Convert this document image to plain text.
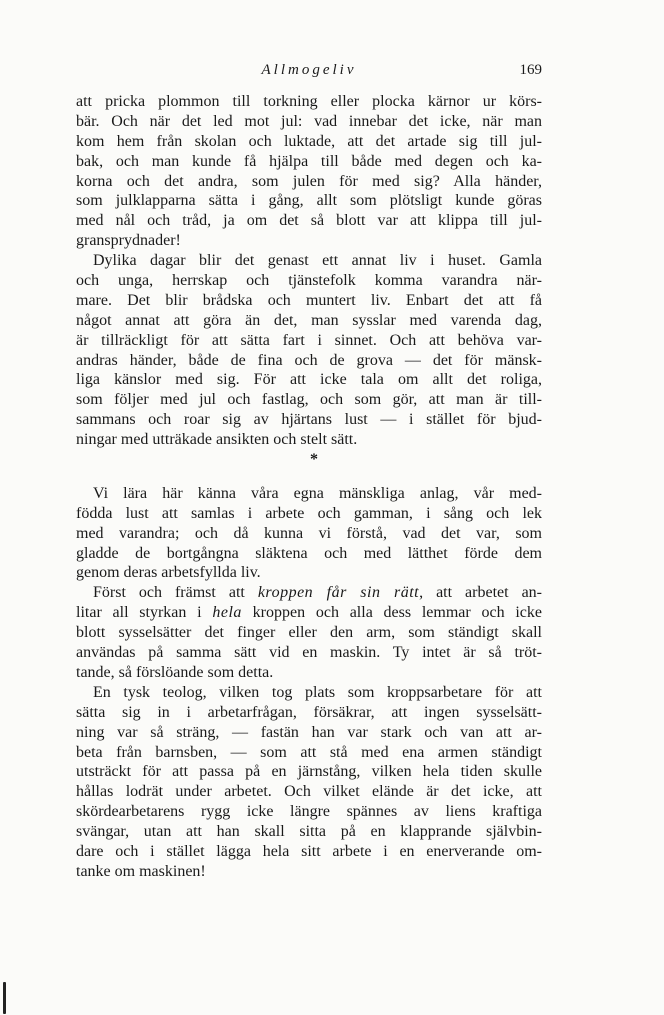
Allmogeliv	169
att pricka plommon till torkning eller plocka kärnor ur körs-
bär. Och när det led mot jul: vad innebar det icke, när man
kom hem från skolan och luktade, att det artade sig till jul-
bak, och man kunde få hjälpa till både med degen och ka-
korna och det andra, som julen för med sig? Alla händer,
som julklapparna sätta i gång, allt som plötsligt kunde göras
med nål och tråd, ja om det så blott var att klippa till jul-
gransprydnader!
Dylika dagar blir det genast ett annat liv i huset. Gamla
och unga, herrskap och tjänstefolk komma varandra när-
mare. Det blir brådska och muntert liv. Enbart det att få
något annat att göra än det, man sysslar med varenda dag,
är tillräckligt för att sätta fart i sinnet. Och att behöva var-
andras händer, både de fina och de grova — det för mänsk-
liga känslor med sig. För att icke tala om allt det roliga,
som följer med jul och fastlag, och som gör, att man är till-
sammans och roar sig av hjärtans lust — i stället för bjud-
ningar med utträkade ansikten och stelt sätt.
*
Vi lära här känna våra egna mänskliga anlag, vår med-
födda lust att samlas i arbete och gamman, i sång och lek
med varandra; och då kunna vi förstå, vad det var, som
gladde de bortgångna släktena och med lätthet förde dem
genom deras arbetsfyllda liv.
Först och främst att kroppen får sin rätt, att arbetet an-
litar all styrkan i hela kroppen och alla dess lemmar och icke
blott sysselsätter det finger eller den arm, som ständigt skall
användas på samma sätt vid en maskin. Ty intet är så tröt-
tande, så förslöande som detta.
En tysk teolog, vilken tog plats som kroppsarbetare för att
sätta sig in i arbetarfrågan, försäkrar, att ingen sysselsätt-
ning var så sträng, — fastän han var stark och van att ar-
beta från barnsben, — som att stå med ena armen ständigt
utsträckt för att passa på en järnstång, vilken hela tiden skulle
hållas lodrät under arbetet. Och vilket elände är det icke, att
skördearbetarens rygg icke längre spännes av liens kraftiga
svängar, utan att han skall sitta på en klapprande självbin-
dare och i stället lägga hela sitt arbete i en enerverande om-
tanke om maskinen!
